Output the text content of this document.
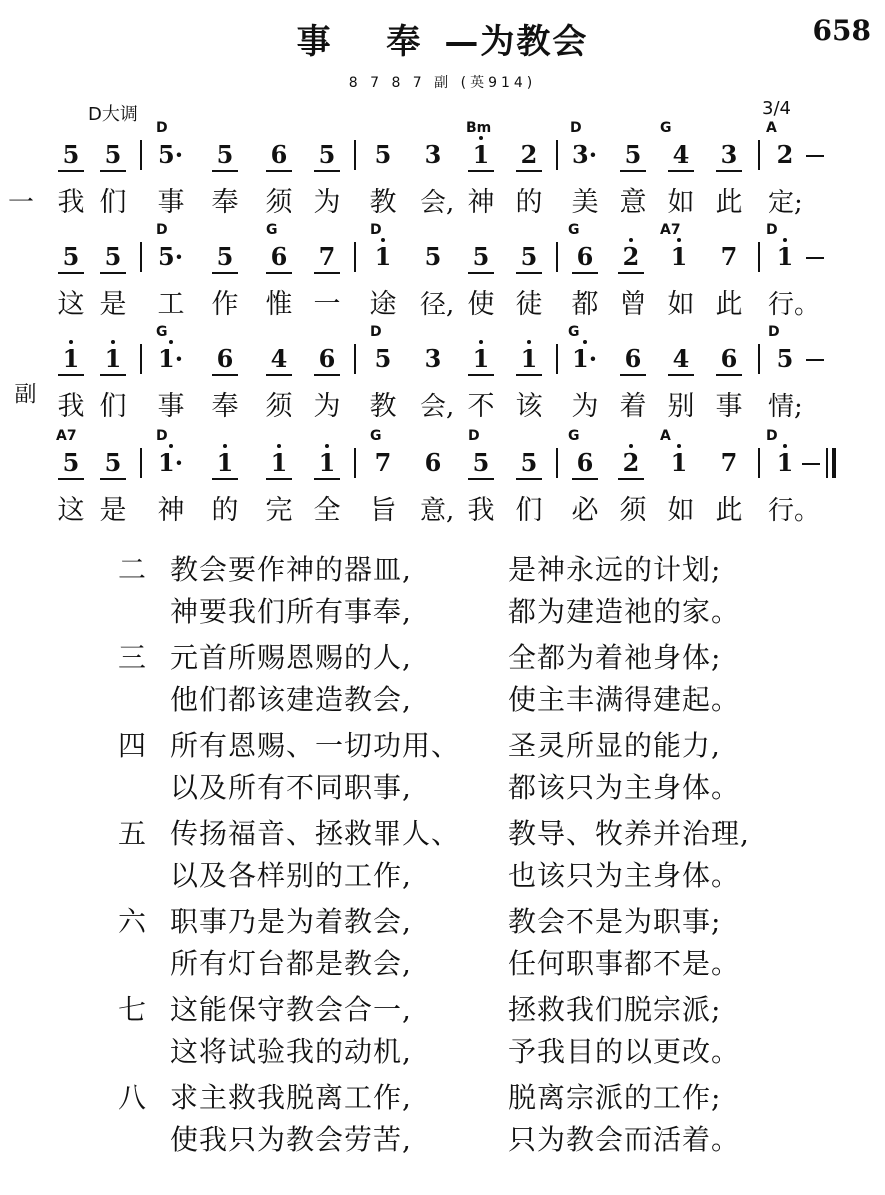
事 奉—为教会	658
8 7 8 7 副 (英914)
D大调	3/4
D	Bm	D	G	A
5 5 5·	5 6 5 5 3 1 2 3·	5 4 3 2
一 我 们 事 奉 须 为 教 会, 神 的 美 意 如 此 定;
D	G	D	G	A7	D
5 5 5·	5 6 7 1 5 5 5 6 2 1 7 1
这 是 工 作 惟 一 途 径, 使 徒 都 曾 如 此 行。
G	D	G	D
1 1 1·	6 4 6 5 3 1 1 1·	6 4 6 5
副 我 们 事 奉 须 为 教 会, 不 该 为 着 别 事 情;
A7	D	G	D	G	A	D
5 5 1·	1 1 1 7 6 5 5 6 2 1 7 1
这 是 神 的 完 全 旨 意, 我 们 必 须 如 此 行。
二 教会要作神的器皿,	是神永远的计划;
神要我们所有事奉,	都为建造祂的家。
三 元首所赐恩赐的人,	全都为着祂身体;
他们都该建造教会,	使主丰满得建起。
四 所有恩赐、一切功用、 圣灵所显的能力,
以及所有不同职事,	都该只为主身体。
五 传扬福音、拯救罪人、 教导、牧养并治理,
以及各样别的工作,	也该只为主身体。
六 职事乃是为着教会,	教会不是为职事;
所有灯台都是教会,	任何职事都不是。
七 这能保守教会合一,	拯救我们脱宗派;
这将试验我的动机,	予我目的以更改。
八 求主救我脱离工作,	脱离宗派的工作;
使我只为教会劳苦,	只为教会而活着。
